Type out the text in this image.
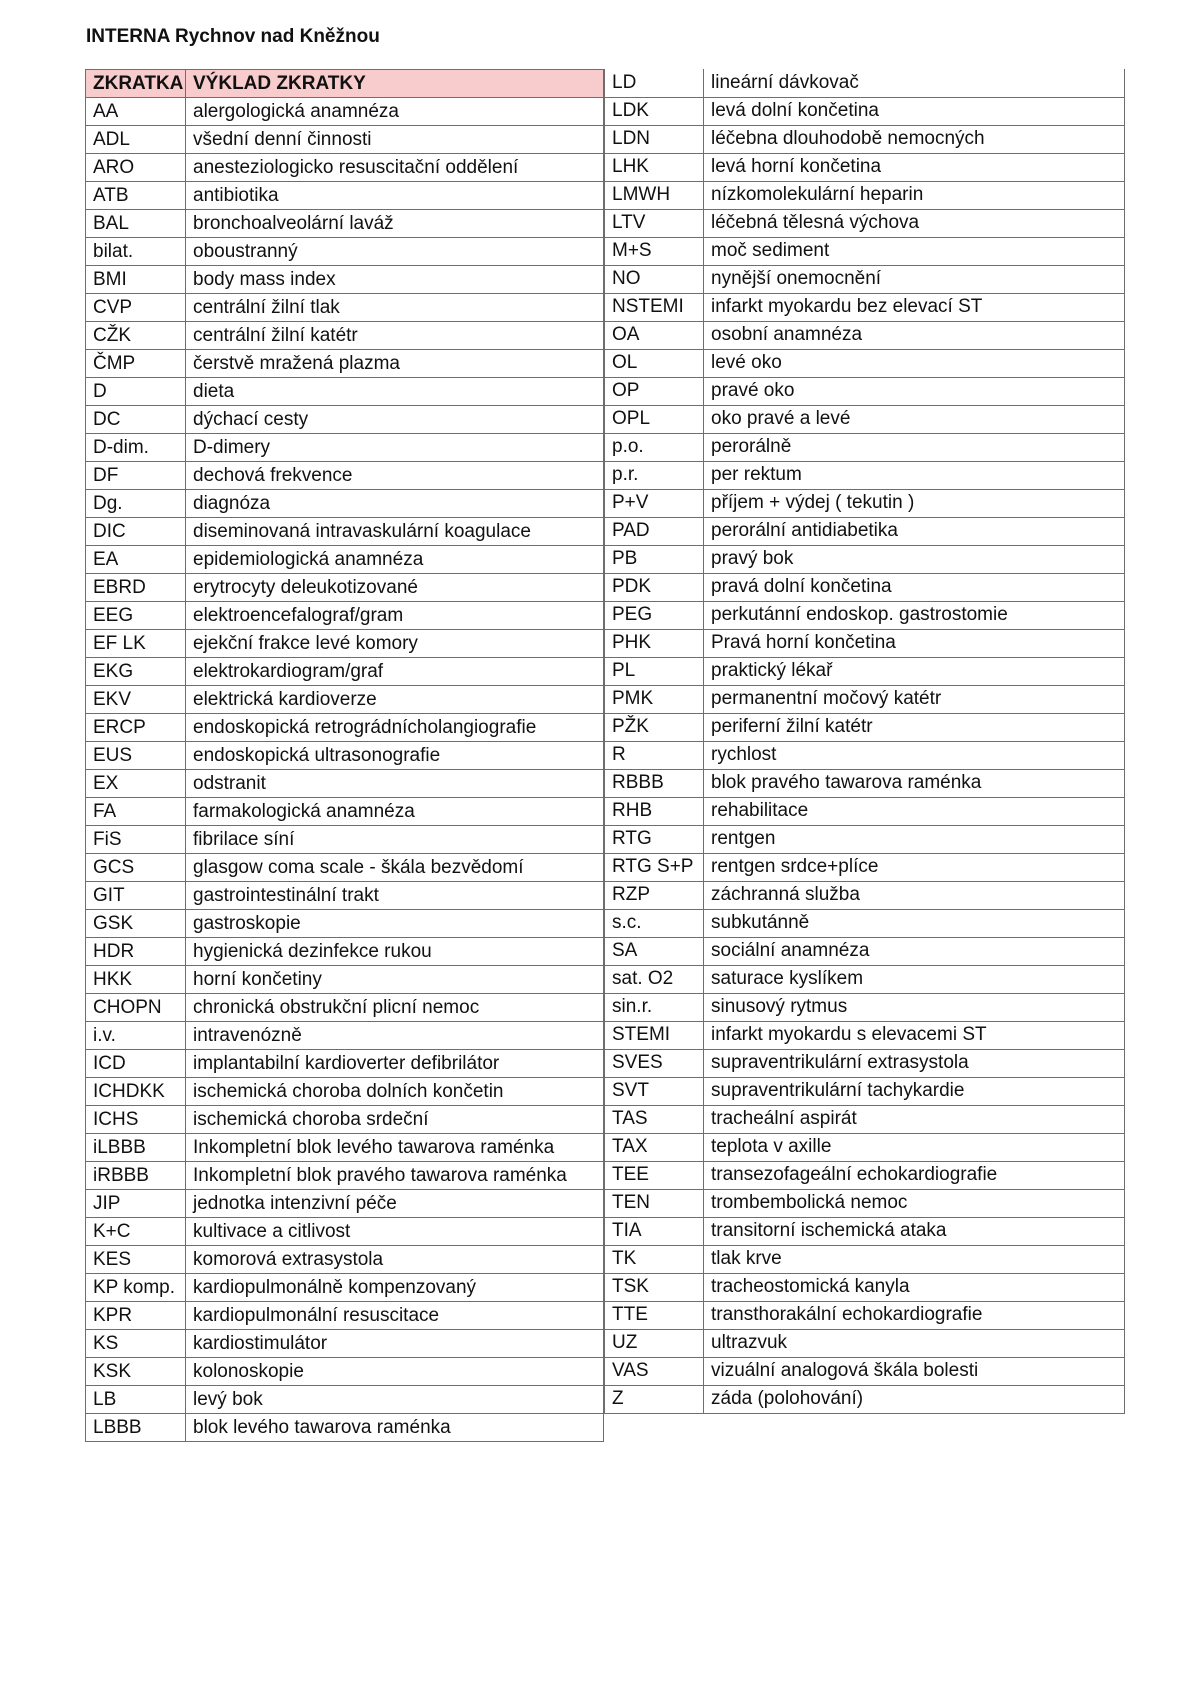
INTERNA Rychnov nad Kněžnou
ZKRATKA	VÝKLAD ZKRATKY
AA	alergologická anamnéza
ADL	všední denní činnosti
ARO	anesteziologicko resuscitační oddělení
ATB	antibiotika
BAL	bronchoalveolární laváž
bilat.	oboustranný
BMI	body mass index
CVP	centrální žilní tlak
CŽK	centrální žilní katétr
ČMP	čerstvě mražená plazma
D	dieta
DC	dýchací cesty
D-dim.	D-dimery
DF	dechová frekvence
Dg.	diagnóza
DIC	diseminovaná intravaskulární koagulace
EA	epidemiologická anamnéza
EBRD	erytrocyty deleukotizované
EEG	elektroencefalograf/gram
EF LK	ejekční frakce levé komory
EKG	elektrokardiogram/graf
EKV	elektrická kardioverze
ERCP	endoskopická retrográdnícholangiografie
EUS	endoskopická ultrasonografie
EX	odstranit
FA	farmakologická anamnéza
FiS	fibrilace síní
GCS	glasgow coma scale - škála bezvědomí
GIT	gastrointestinální trakt
GSK	gastroskopie
HDR	hygienická dezinfekce rukou
HKK	horní končetiny
CHOPN	chronická obstrukční plicní nemoc
i.v.	intravenózně
ICD	implantabilní kardioverter defibrilátor
ICHDKK	ischemická choroba dolních končetin
ICHS	ischemická choroba srdeční
iLBBB	Inkompletní blok levého tawarova raménka
iRBBB	Inkompletní blok pravého tawarova raménka
JIP	jednotka intenzivní péče
K+C	kultivace a citlivost
KES	komorová extrasystola
KP komp.	kardiopulmonálně kompenzovaný
KPR	kardiopulmonální resuscitace
KS	kardiostimulátor
KSK	kolonoskopie
LB	levý bok
LBBB	blok levého tawarova raménka
LD	lineární dávkovač
LDK	levá dolní končetina
LDN	léčebna dlouhodobě nemocných
LHK	levá horní končetina
LMWH	nízkomolekulární heparin
LTV	léčebná tělesná výchova
M+S	moč sediment
NO	nynější onemocnění
NSTEMI	infarkt myokardu bez elevací ST
OA	osobní anamnéza
OL	levé oko
OP	pravé oko
OPL	oko pravé a levé
p.o.	perorálně
p.r.	per rektum
P+V	příjem + výdej ( tekutin )
PAD	perorální antidiabetika
PB	pravý bok
PDK	pravá dolní končetina
PEG	perkutánní endoskop. gastrostomie
PHK	Pravá horní končetina
PL	praktický lékař
PMK	permanentní močový katétr
PŽK	periferní žilní katétr
R	rychlost
RBBB	blok pravého tawarova raménka
RHB	rehabilitace
RTG	rentgen
RTG S+P	rentgen srdce+plíce
RZP	záchranná služba
s.c.	subkutánně
SA	sociální anamnéza
sat. O2	saturace kyslíkem
sin.r.	sinusový rytmus
STEMI	infarkt myokardu s elevacemi ST
SVES	supraventrikulární extrasystola
SVT	supraventrikulární tachykardie
TAS	tracheální aspirát
TAX	teplota v axille
TEE	transezofageální echokardiografie
TEN	trombembolická nemoc
TIA	transitorní ischemická ataka
TK	tlak krve
TSK	tracheostomická kanyla
TTE	transthorakální echokardiografie
UZ	ultrazvuk
VAS	vizuální analogová škála bolesti
Z	záda (polohování)
